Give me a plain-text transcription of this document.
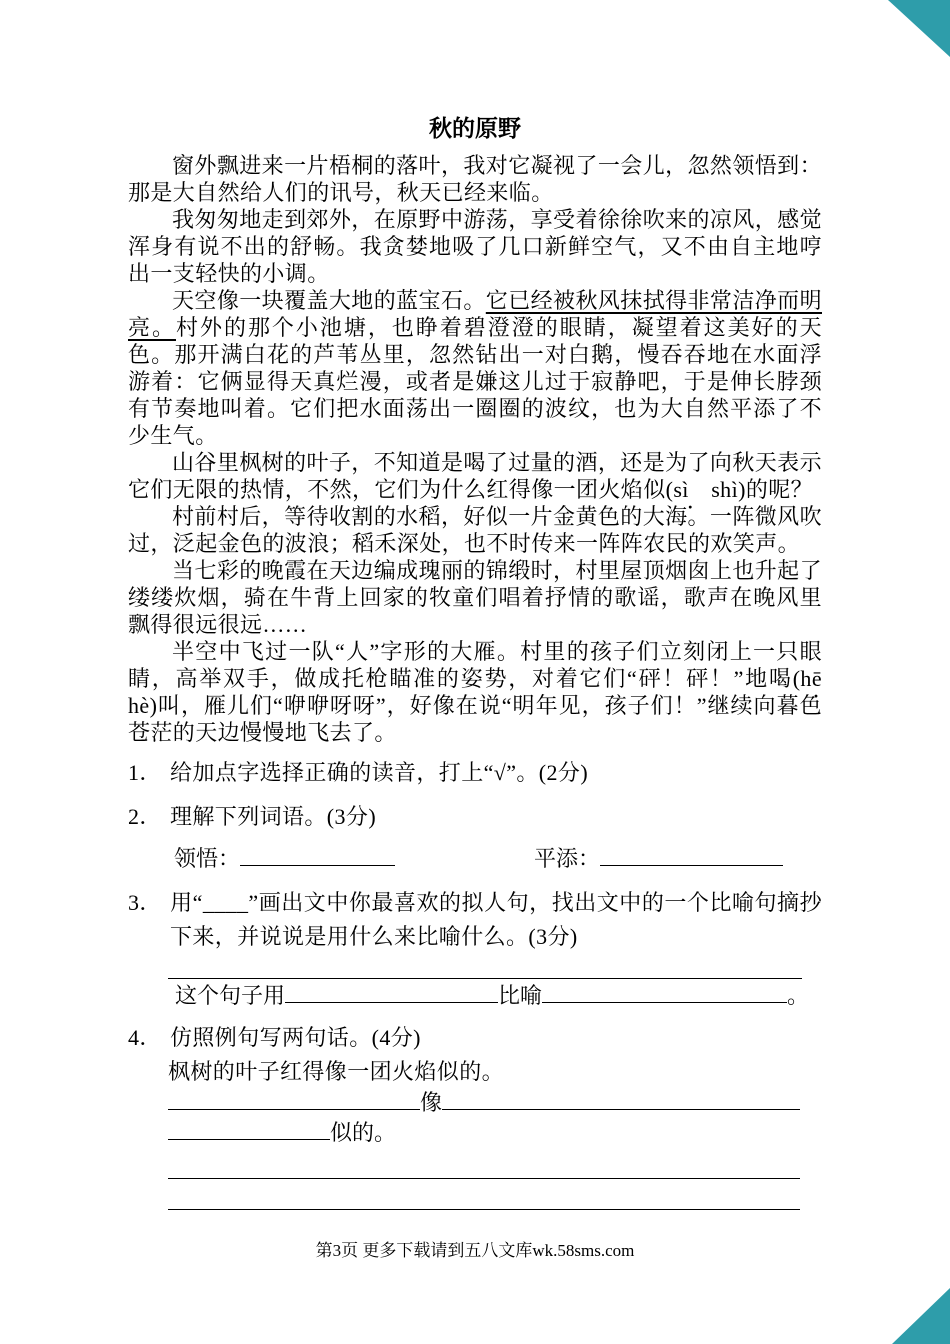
秋的原野

窗外飘进来一片梧桐的落叶，我对它凝视了一会儿，忽然领悟到：那是大自然给人们的讯号，秋天已经来临。

我匆匆地走到郊外，在原野中游荡，享受着徐徐吹来的凉风，感觉浑身有说不出的舒畅。我贪婪地吸了几口新鲜空气，又不由自主地哼出一支轻快的小调。

天空像一块覆盖大地的蓝宝石。它已经被秋风抹拭得非常洁净而明亮。村外的那个小池塘，也睁着碧澄澄的眼睛，凝望着这美好的天色。那开满白花的芦苇丛里，忽然钻出一对白鹅，慢吞吞地在水面浮游着：它俩显得天真烂漫，或者是嫌这儿过于寂静吧，于是伸长脖颈有节奏地叫着。它们把水面荡出一圈圈的波纹，也为大自然平添了不少生气。

山谷里枫树的叶子，不知道是喝了过量的酒，还是为了向秋天表示它们无限的热情，不然，它们为什么红得像一团火焰似(sì　shì)的呢？

村前村后，等待收割的水稻，好似一片金黄色的大海。一阵微风吹过，泛起金色的波浪；稻禾深处，也不时传来一阵阵农民的欢笑声。

当七彩的晚霞在天边编成瑰丽的锦缎时，村里屋顶烟囱上也升起了缕缕炊烟，骑在牛背上回家的牧童们唱着抒情的歌谣，歌声在晚风里飘得很远很远……

半空中飞过一队“人”字形的大雁。村里的孩子们立刻闭上一只眼睛，高举双手，做成托枪瞄准的姿势，对着它们“砰！砰！”地喝(hē　hè)叫，雁儿们“咿咿呀呀”，好像在说“明年见，孩子们！”继续向暮色苍茫的天边慢慢地飞去了。

1． 给加点字选择正确的读音，打上“√”。(2分)
2． 理解下列词语。(3分)
领悟：	平添：
3． 用“____”画出文中你最喜欢的拟人句，找出文中的一个比喻句摘抄下来，并说说是用什么来比喻什么。(3分)
这个句子用	比喻	。
4． 仿照例句写两句话。(4分)
枫树的叶子红得像一团火焰似的。
像
似的。
第3页 更多下载请到五八文库wk.58sms.com
